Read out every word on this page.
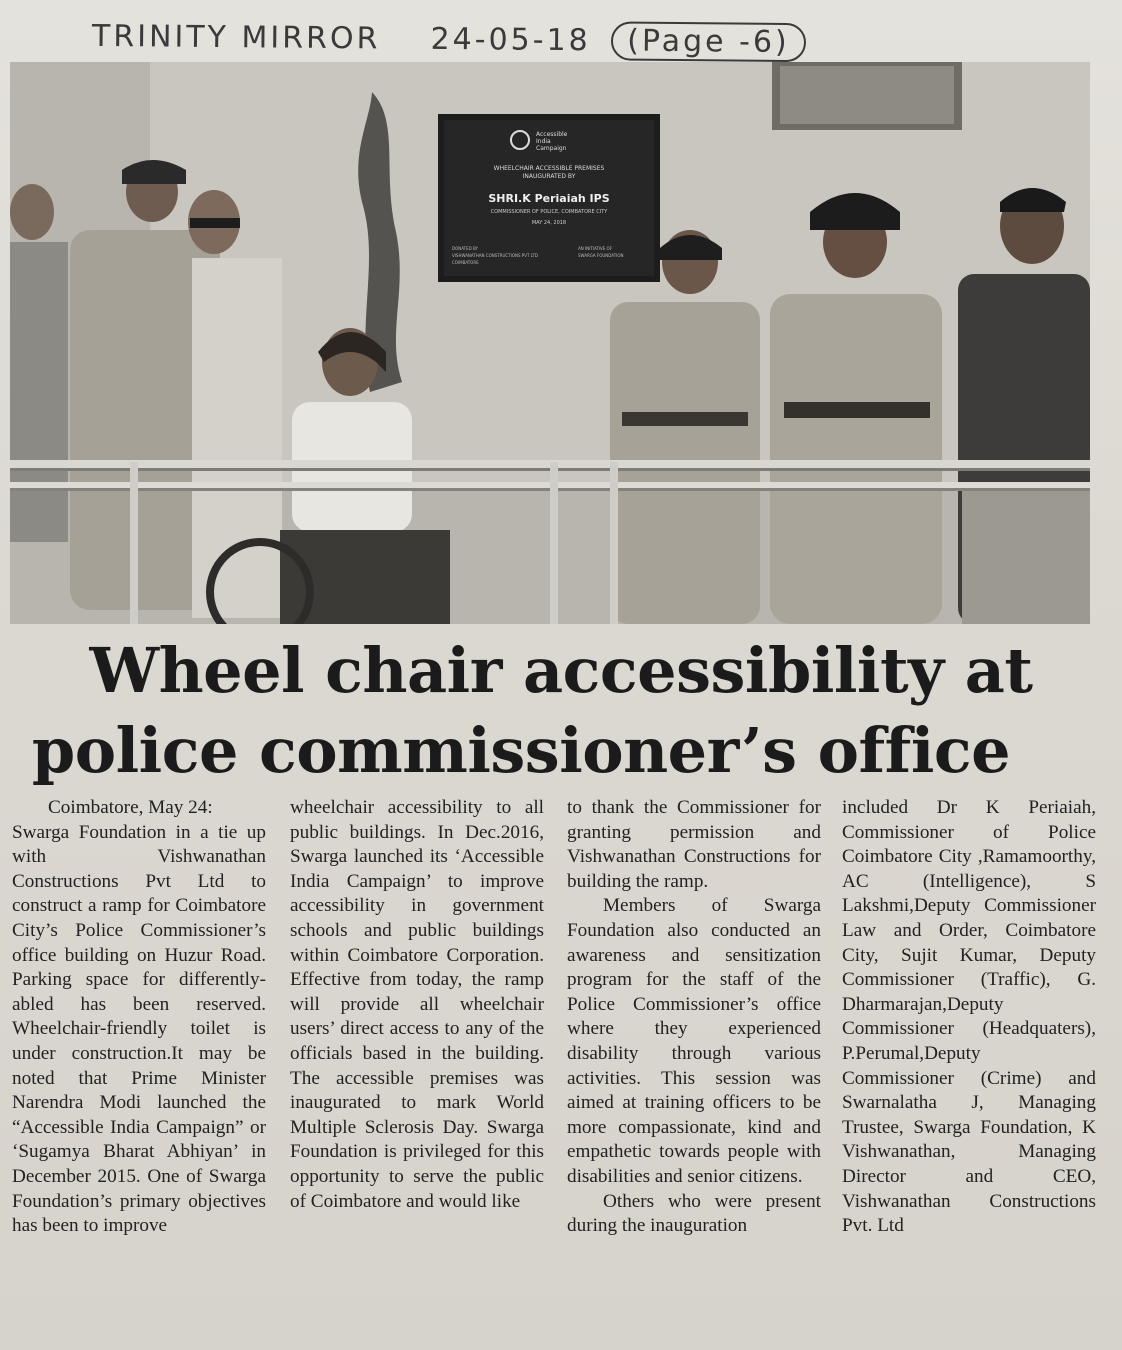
TRINITY MIRROR 24-05-18 (Page -6)
Accessible
India
Campaign
WHEELCHAIR ACCESSIBLE PREMISES
INAUGURATED BY
SHRI.K Periaiah IPS
COMMISSIONER OF POLICE, COIMBATORE CITY
MAY 24, 2018
DONATED BY
VISHWANATHAN CONSTRUCTIONS PVT LTD
COIMBATORE
AN INITIATIVE OF
SWARGA FOUNDATION
Wheel chair accessibility at
police commissioner’s office

Coimbatore, May 24:
Swarga Foundation in a tie up with Vishwanathan Constructions Pvt Ltd to construct a ramp for Coimbatore City’s Police Commissioner’s office building on Huzur Road. Parking space for differently-abled has been reserved. Wheelchair-friendly toilet is under construction.It may be noted that Prime Minister Narendra Modi launched the “Accessible India Campaign” or ‘Sugamya Bharat Abhiyan’ in December 2015. One of Swarga Foundation’s primary objectives has been to improve

wheelchair accessibility to all public buildings. In Dec.2016, Swarga launched its ‘Accessible India Campaign’ to improve accessibility in government schools and public buildings within Coimbatore Corporation. Effective from today, the ramp will provide all wheelchair users’ direct access to any of the officials based in the building. The accessible premises was inaugurated to mark World Multiple Sclerosis Day. Swarga Foundation is privileged for this opportunity to serve the public of Coimbatore and would like

to thank the Commissioner for granting permission and Vishwanathan Constructions for building the ramp.

Members of Swarga Foundation also conducted an awareness and sensitization program for the staff of the Police Commissioner’s office where they experienced disability through various activities. This session was aimed at training officers to be more compassionate, kind and empathetic towards people with disabilities and senior citizens.

Others who were present during the inauguration

included Dr K Periaiah, Commissioner of Police Coimbatore City ,Ramamoorthy, AC (Intelligence), S Lakshmi,Deputy Commissioner Law and Order, Coimbatore City, Sujit Kumar, Deputy Commissioner (Traffic), G. Dharmarajan,Deputy Commissioner (Headquaters), P.Perumal,Deputy Commissioner (Crime) and Swarnalatha J, Managing Trustee, Swarga Foundation, K Vishwanathan, Managing Director and CEO, Vishwanathan Constructions Pvt. Ltd
